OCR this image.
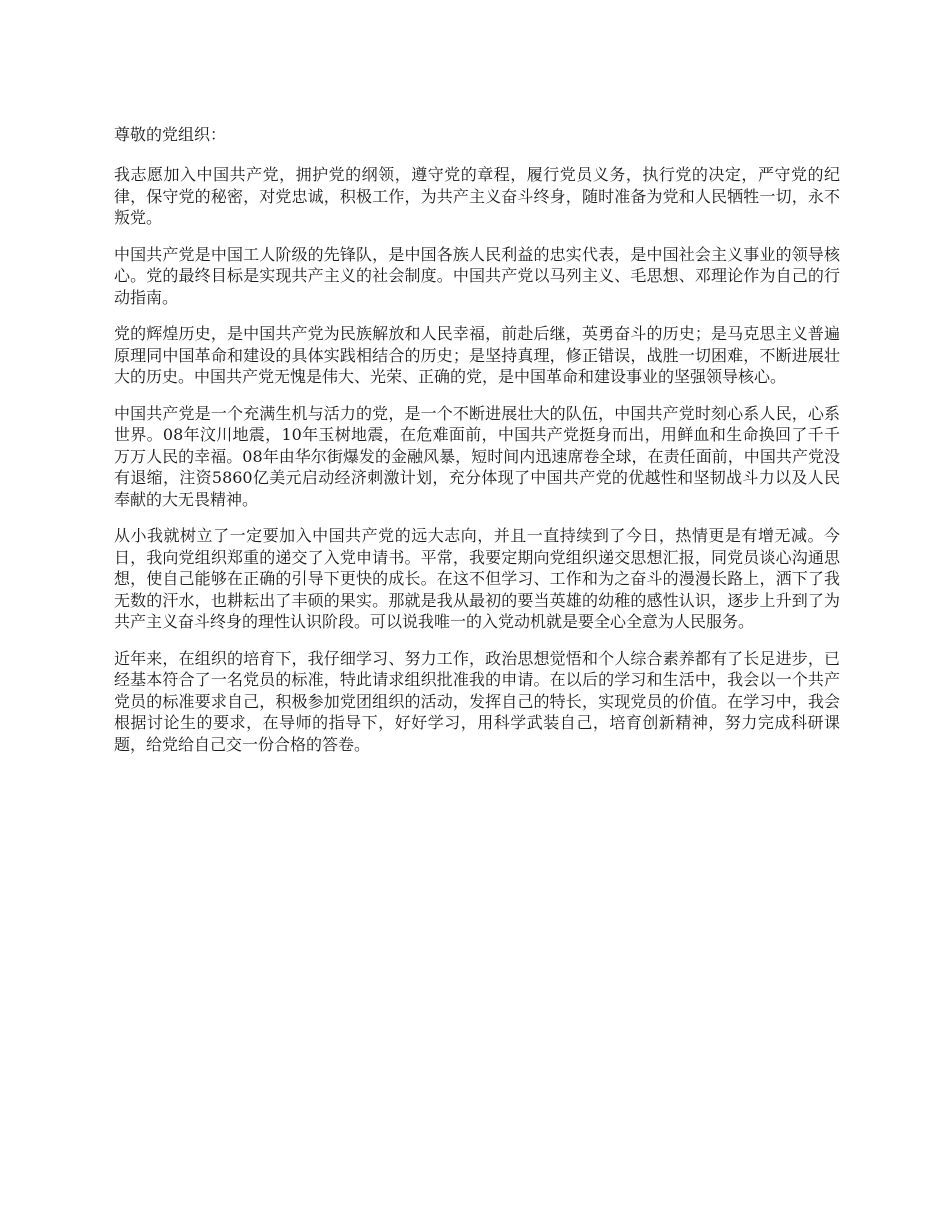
尊敬的党组织：

我志愿加入中国共产党，拥护党的纲领，遵守党的章程，履行党员义务，执行党的决定，严守党的纪律，保守党的秘密，对党忠诚，积极工作，为共产主义奋斗终身，随时准备为党和人民牺牲一切，永不叛党。

中国共产党是中国工人阶级的先锋队，是中国各族人民利益的忠实代表，是中国社会主义事业的领导核心。党的最终目标是实现共产主义的社会制度。中国共产党以马列主义、毛思想、邓理论作为自己的行动指南。

党的辉煌历史，是中国共产党为民族解放和人民幸福，前赴后继，英勇奋斗的历史；是马克思主义普遍原理同中国革命和建设的具体实践相结合的历史；是坚持真理，修正错误，战胜一切困难，不断进展壮大的历史。中国共产党无愧是伟大、光荣、正确的党，是中国革命和建设事业的坚强领导核心。

中国共产党是一个充满生机与活力的党，是一个不断进展壮大的队伍，中国共产党时刻心系人民，心系世界。08年汶川地震，10年玉树地震，在危难面前，中国共产党挺身而出，用鲜血和生命换回了千千万万人民的幸福。08年由华尔街爆发的金融风暴，短时间内迅速席卷全球，在责任面前，中国共产党没有退缩，注资5860亿美元启动经济刺激计划，充分体现了中国共产党的优越性和坚韧战斗力以及人民奉献的大无畏精神。

从小我就树立了一定要加入中国共产党的远大志向，并且一直持续到了今日，热情更是有增无减。今日，我向党组织郑重的递交了入党申请书。平常，我要定期向党组织递交思想汇报，同党员谈心沟通思想，使自己能够在正确的引导下更快的成长。在这不但学习、工作和为之奋斗的漫漫长路上，洒下了我无数的汗水，也耕耘出了丰硕的果实。那就是我从最初的要当英雄的幼稚的感性认识，逐步上升到了为共产主义奋斗终身的理性认识阶段。可以说我唯一的入党动机就是要全心全意为人民服务。

近年来，在组织的培育下，我仔细学习、努力工作，政治思想觉悟和个人综合素养都有了长足进步，已经基本符合了一名党员的标准，特此请求组织批准我的申请。在以后的学习和生活中，我会以一个共产党员的标准要求自己，积极参加党团组织的活动，发挥自己的特长，实现党员的价值。在学习中，我会根据讨论生的要求，在导师的指导下，好好学习，用科学武装自己，培育创新精神，努力完成科研课题，给党给自己交一份合格的答卷。
